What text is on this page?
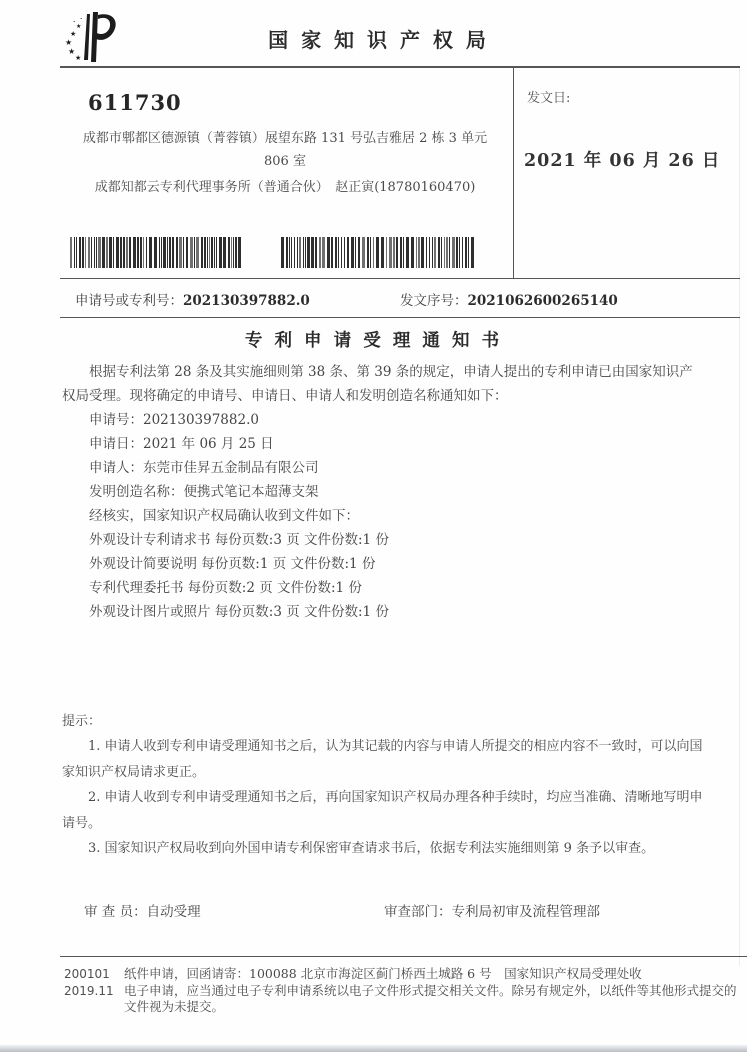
★
★
★
★
★
•
•
国 家 知 识 产 权 局
611730
成都市郫都区德源镇（菁蓉镇）展望东路 131 号弘吉雅居 2 栋 3 单元
806 室
成都知都云专利代理事务所（普通合伙）　赵正寅(18780160470)
发文日:
2021 年 06 月 26 日
申请号或专利号：202130397882.0	发文序号：2021062600265140
专 利 申 请 受 理 通 知 书
根据专利法第 28 条及其实施细则第 38 条、第 39 条的规定，申请人提出的专利申请已由国家知识产权局受理。现将确定的申请号、申请日、申请人和发明创造名称通知如下：
申请号：202130397882.0
申请日：2021 年 06 月 25 日
申请人：东莞市佳昇五金制品有限公司
发明创造名称：便携式笔记本超薄支架
经核实，国家知识产权局确认收到文件如下：
外观设计专利请求书 每份页数:3 页 文件份数:1 份
外观设计简要说明 每份页数:1 页 文件份数:1 份
专利代理委托书 每份页数:2 页 文件份数:1 份
外观设计图片或照片 每份页数:3 页 文件份数:1 份
提示：

1. 申请人收到专利申请受理通知书之后，认为其记载的内容与申请人所提交的相应内容不一致时，可以向国家知识产权局请求更正。

2. 申请人收到专利申请受理通知书之后，再向国家知识产权局办理各种手续时，均应当准确、清晰地写明申请号。

3. 国家知识产权局收到向外国申请专利保密审查请求书后，依据专利法实施细则第 9 条予以审查。

审 查 员：自动受理	审查部门：专利局初审及流程管理部
200101
2019.11

纸件申请，回函请寄：100088 北京市海淀区蓟门桥西土城路 6 号　国家知识产权局受理处收

电子申请，应当通过电子专利申请系统以电子文件形式提交相关文件。除另有规定外，以纸件等其他形式提交的文件视为未提交。
